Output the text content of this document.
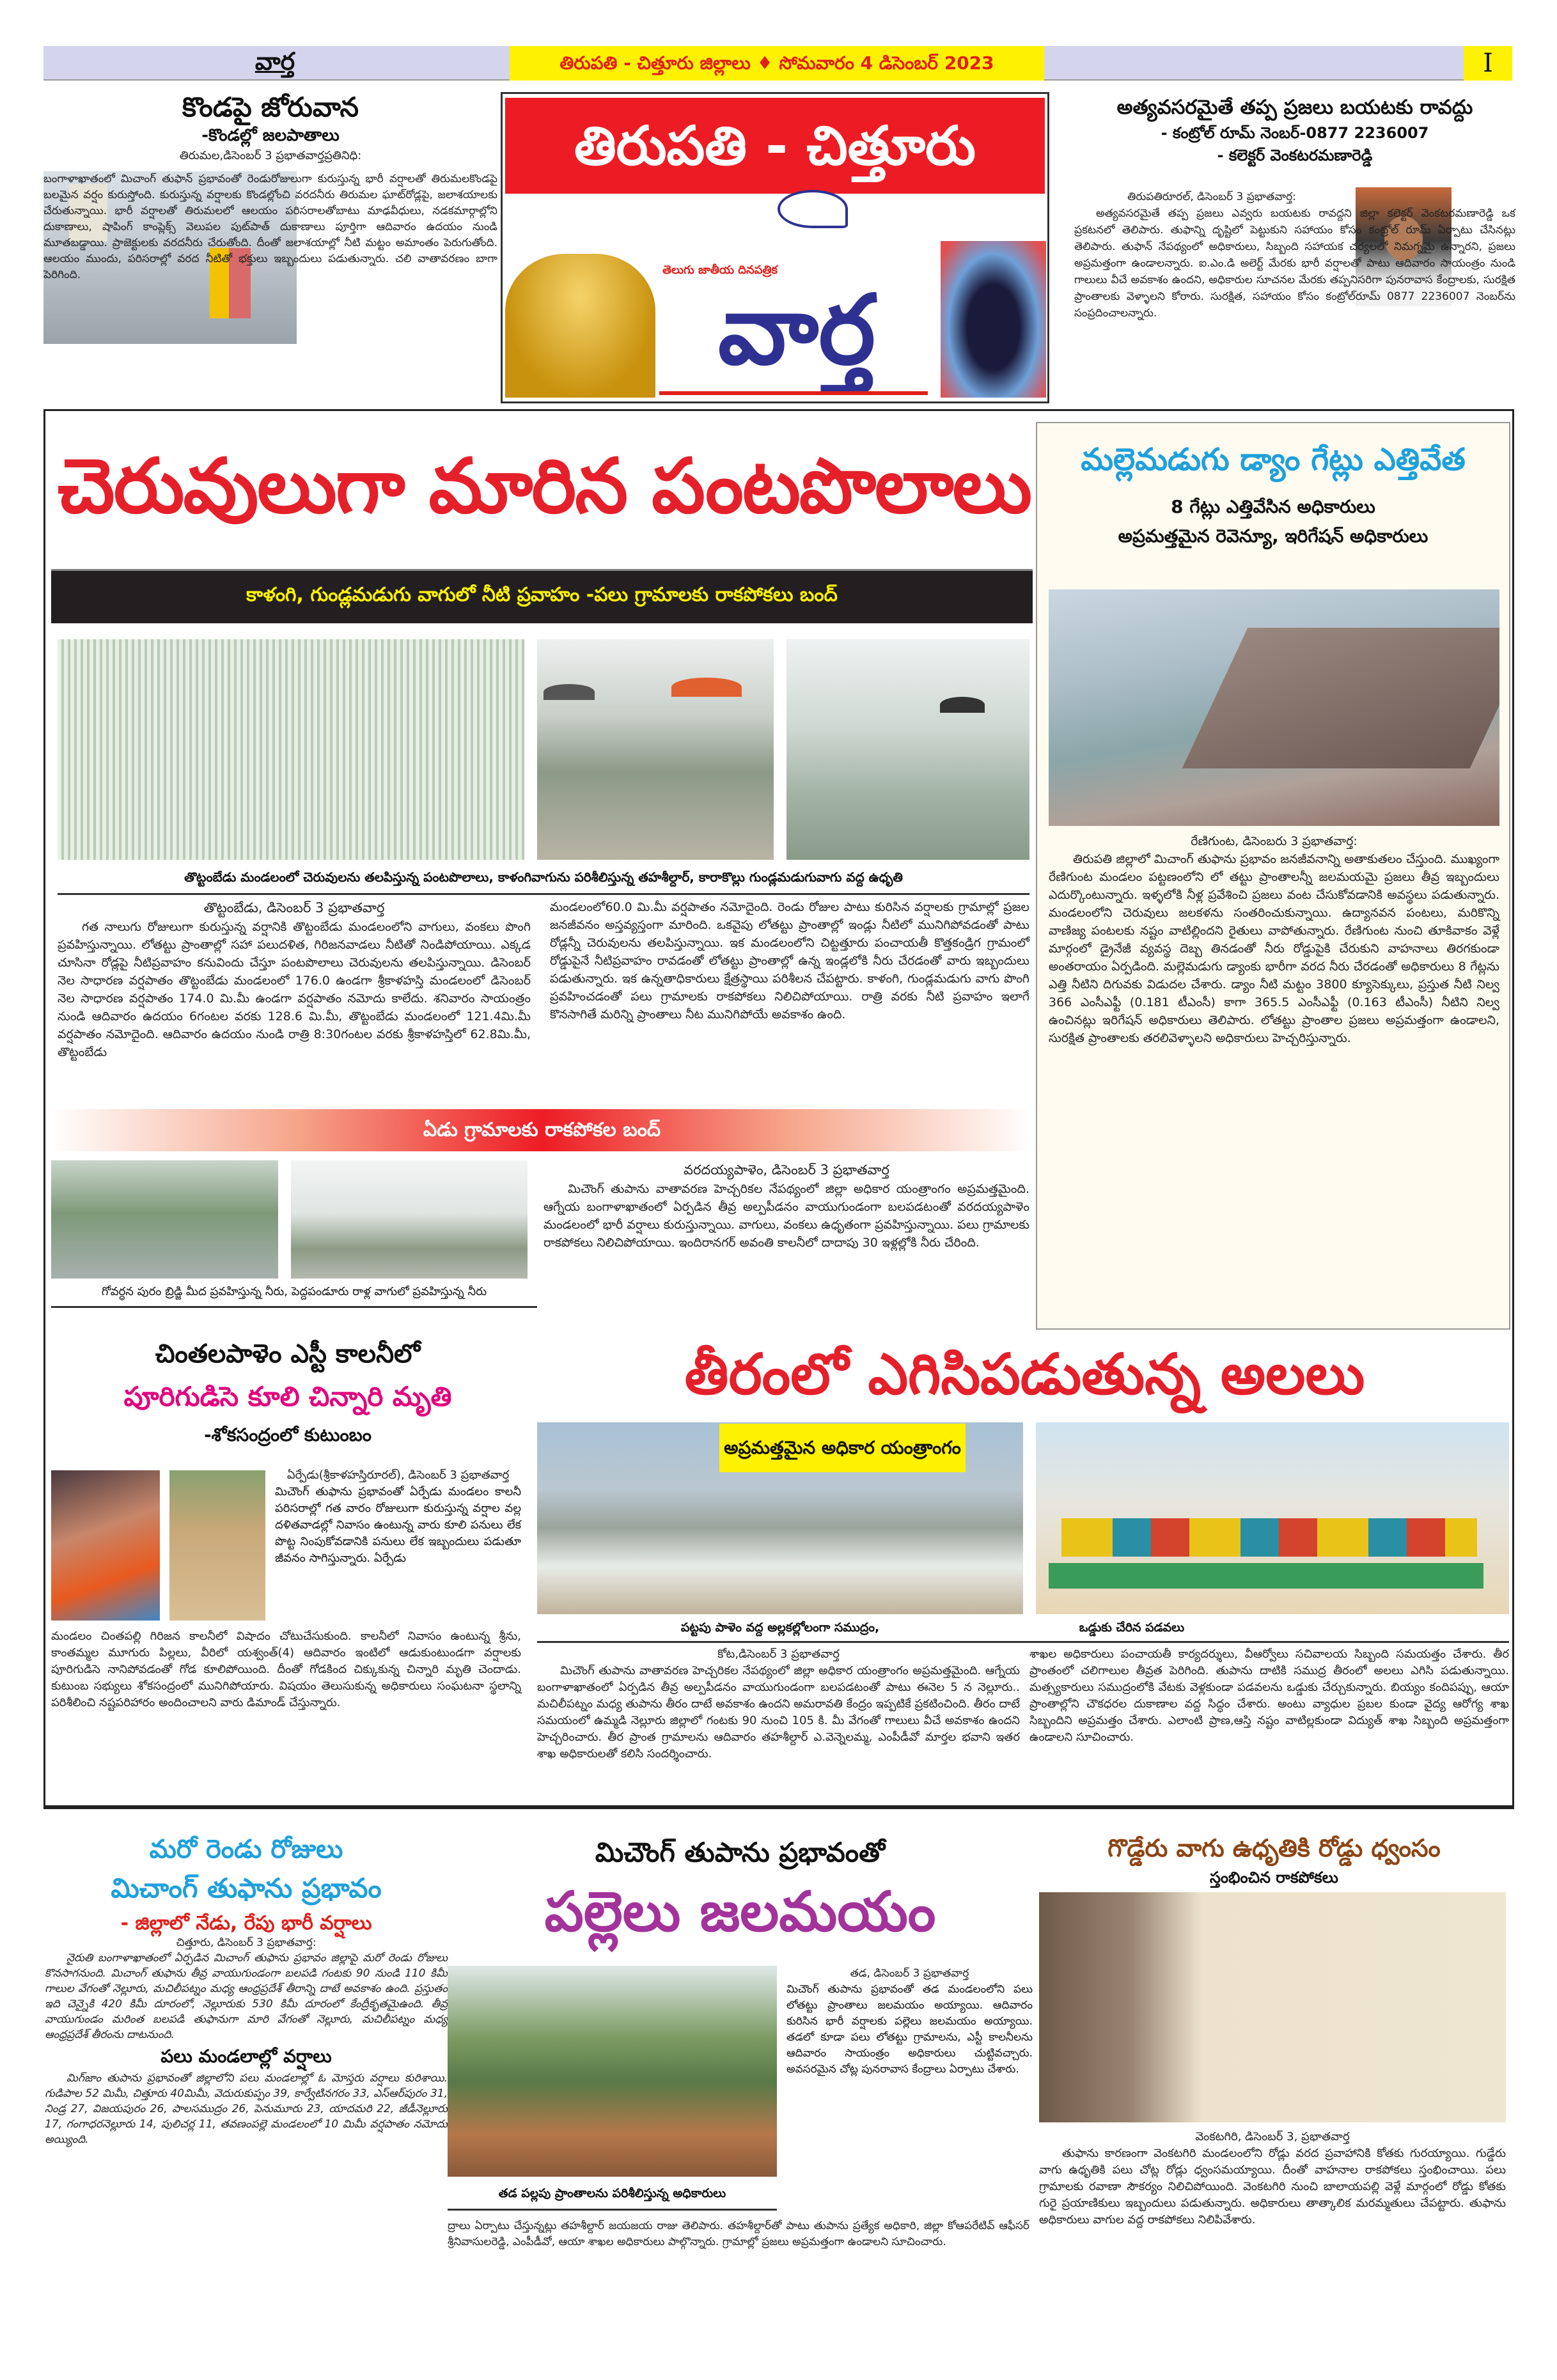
వార్త	తిరుపతి - చిత్తూరు జిల్లాలు ♦ సోమవారం 4 డిసెంబర్ 2023	I
కొండపై జోరువాన
-కొండల్లో జలపాతాలు
తిరుమల,డిసెంబర్ 3 ప్రభాతవార్తప్రతినిధి:

బంగాళాఖాతంలో మిచాంగ్ తుఫాన్ ప్రభావంతో రెండురోజులుగా కురుస్తున్న భారీ వర్షాలతో తిరుమలకొండపై బలమైన వర్షం కురుస్తోంది. కురుస్తున్న వర్షాలకు కొండల్లోంచి వరదనీరు తిరుమల ఘాట్‌రోడ్లపై, జలాశయాలకు చేరుతున్నాయి. భారీ వర్షాలతో తిరుమలలో ఆలయం పరిసరాలతోబాటు మాఢవీధులు, నడకమార్గాల్లోని దుకాణాలు, షాపింగ్ కాంప్లెక్స్ వెలుపల పుట్‌పాత్ దుకాణాలు పూర్తిగా ఆదివారం ఉదయం నుండి మూతబడ్డాయి. ప్రాజెక్టులకు వరదనీరు చేరుతోంది. దీంతో జలాశయాల్లో నీటి మట్టం అమాంతం పెరుగుతోంది. ఆలయం ముందు, పరిసరాల్లో వరద నీటితో భక్తులు ఇబ్బందులు పడుతున్నారు. చలి వాతావరణం బాగా పెరిగింది.

తిరుపతి - చిత్తూరు
తెలుగు జాతీయ దినపత్రిక
వార్త
అత్యవసరమైతే తప్ప ప్రజలు బయటకు రావద్దు
- కంట్రోల్ రూమ్ నెంబర్-0877 2236007
- కలెక్టర్ వెంకటరమణారెడ్డి
తిరుపతిరూరల్, డిసెంబర్ 3 ప్రభాతవార్త:

అత్యవసరమైతే తప్ప ప్రజలు ఎవ్వరు బయటకు రావద్దని జిల్లా కలెక్టర్ వెంకటరమణారెడ్డి ఒక ప్రకటనలో తెలిపారు. తుఫాన్ని దృష్టిలో పెట్టుకుని సహాయం కోసం కంట్రోల్ రూమ్ ఏర్పాటు చేసినట్లు తెలిపారు. తుఫాన్ నేపథ్యంలో అధికారులు, సిబ్బంది సహాయక చర్యలలో నిమగ్నమై ఉన్నారని, ప్రజలు అప్రమత్తంగా ఉండాలన్నారు. ఐ.ఎం.డి అలెర్ట్ మేరకు భారీ వర్షాలతో పాటు ఆదివారం సాయంత్రం నుండి గాలులు వీచే అవకాశం ఉందని, అధికారుల సూచనల మేరకు తప్పనిసరిగా పునరావాస కేంద్రాలకు, సురక్షిత ప్రాంతాలకు వెళ్ళాలని కోరారు. సురక్షిత, సహాయం కోసం కంట్రోల్‌రూమ్ 0877 2236007 నెంబర్‌ను సంప్రదించాలన్నారు.

చెరువులుగా మారిన పంటపొలాలు
కాళంగి, గుండ్లమడుగు వాగులో నీటి ప్రవాహం -పలు గ్రామాలకు రాకపోకలు బంద్
తొట్టంబేడు మండలంలో చెరువులను తలపిస్తున్న పంటపొలాలు, కాళంగివాగును పరిశీలిస్తున్న తహశీల్దార్, కారాకొల్లు గుండ్లమడుగువాగు వద్ద ఉధృతి
తొట్టంబేడు, డిసెంబర్ 3 ప్రభాతవార్త

గత నాలుగు రోజులుగా కురుస్తున్న వర్షానికి తొట్టంబేడు మండలంలోని వాగులు, వంకలు పొంగి ప్రవహిస్తున్నాయి. లోతట్టు ప్రాంతాల్లో సహా పలుదళిత, గిరిజనవాడలు నీటితో నిండిపోయాయి. ఎక్కడ చూసినా రోడ్లపై నీటిప్రవాహం కనువిందు చేస్తూ పంటపొలాలు చెరువులను తలపిస్తున్నాయి. డిసెంబర్ నెల సాధారణ వర్షపాతం తొట్టంబేడు మండలంలో 176.0 ఉండగా శ్రీకాళహస్తి మండలంలో డిసెంబర్ నెల సాధారణ వర్షపాతం 174.0 మి.మీ ఉండగా వర్షపాతం నమోదు కాలేదు. శనివారం సాయంత్రం నుండి ఆదివారం ఉదయం 6గంటల వరకు 128.6 మి.మీ, తొట్టంబేడు మండలంలో 121.4మి.మీ వర్షపాతం నమోదైంది. ఆదివారం ఉదయం నుండి రాత్రి 8:30గంటల వరకు శ్రీకాళహస్తిలో 62.8మి.మీ, తొట్టంబేడు

మండలంలో60.0 మి.మీ వర్షపాతం నమోదైంది. రెండు రోజుల పాటు కురిసిన వర్షాలకు గ్రామాల్లో ప్రజల జనజీవనం అస్తవ్యస్తంగా మారింది. ఒకవైపు లోతట్టు ప్రాంతాల్లో ఇండ్లు నీటిలో మునిగిపోవడంతో పాటు రోడ్లన్నీ చెరువులను తలపిస్తున్నాయి. ఇక మండలంలోని చిట్టత్తూరు పంచాయతీ కొత్తకండ్రిగ గ్రామంలో రోడ్డుపైనే నీటిప్రవాహం రావడంతో లోతట్టు ప్రాంతాల్లో ఉన్న ఇండ్లలోకి నీరు చేరడంతో వారు ఇబ్బందులు పడుతున్నారు. ఇక ఉన్నతాధికారులు క్షేత్రస్థాయి పరిశీలన చేపట్టారు. కాళంగి, గుండ్లమడుగు వాగు పొంగి ప్రవహించడంతో పలు గ్రామాలకు రాకపోకలు నిలిచిపోయాయి. రాత్రి వరకు నీటి ప్రవాహం ఇలాగే కొనసాగితే మరిన్ని ప్రాంతాలు నీట మునిగిపోయే అవకాశం ఉంది.

ఏడు గ్రామాలకు రాకపోకల బంద్
గోవర్ధన పురం బ్రిడ్జి మీద ప్రవహిస్తున్న నీరు, పెద్దపండూరు రాళ్ల వాగులో ప్రవహిస్తున్న నీరు
వరదయ్యపాళెం, డిసెంబర్ 3 ప్రభాతవార్త

మిచౌంగ్ తుపాను వాతావరణ హెచ్చరికల నేపథ్యంలో జిల్లా అధికార యంత్రాంగం అప్రమత్తమైంది. ఆగ్నేయ బంగాళాఖాతంలో ఏర్పడిన తీవ్ర అల్పపీడనం వాయుగుండంగా బలపడటంతో వరదయ్యపాళెం మండలంలో భారీ వర్షాలు కురుస్తున్నాయి. వాగులు, వంకలు ఉధృతంగా ప్రవహిస్తున్నాయి. పలు గ్రామాలకు రాకపోకలు నిలిచిపోయాయి. ఇందిరానగర్ అవంతి కాలనీలో దాదాపు 30 ఇళ్లల్లోకి నీరు చేరింది.

మల్లెమడుగు డ్యాం గేట్లు ఎత్తివేత
8 గేట్లు ఎత్తివేసిన అధికారులు
అప్రమత్తమైన రెవెన్యూ, ఇరిగేషన్ అధికారులు
రేణిగుంట, డిసెంబరు 3 ప్రభాతవార్త:

తిరుపతి జిల్లాలో మిచాంగ్ తుఫాను ప్రభావం జనజీవనాన్ని అతాకుతలం చేస్తుంది. ముఖ్యంగా రేణిగుంట మండలం పట్టణంలోని లో తట్టు ప్రాంతాలన్నీ జలమయమై ప్రజలు తీవ్ర ఇబ్బందులు ఎదుర్కొంటున్నారు. ఇళ్ళలోకి నీళ్ల ప్రవేశించి ప్రజలు వంట చేసుకోవడానికి అవస్థలు పడుతున్నారు. మండలంలోని చెరువులు జలకళను సంతరించుకున్నాయి. ఉద్యానవన పంటలు, మరికొన్ని వాణిజ్య పంటలకు నష్టం వాటిల్లిందని రైతులు వాపోతున్నారు. రేణిగుంట నుంచి తూకివాకం వెళ్లే మార్గంలో డ్రైనేజీ వ్యవస్థ దెబ్బ తినడంతో నీరు రోడ్డుపైకి చేరుకుని వాహనాలు తిరగకుండా అంతరాయం ఏర్పడింది. మల్లెమడుగు డ్యాంకు భారీగా వరద నీరు చేరడంతో అధికారులు 8 గేట్లను ఎత్తి నీటిని దిగువకు విడుదల చేశారు. డ్యాం నీటి మట్టం 3800 క్యూసెక్కులు, ప్రస్తుత నీటి నిల్వ 366 ఎంసీఎఫ్టీ (0.181 టీఎంసీ) కాగా 365.5 ఎంసీఎఫ్టీ (0.163 టీఎంసీ) నీటిని నిల్వ ఉంచినట్లు ఇరిగేషన్ అధికారులు తెలిపారు. లోతట్టు ప్రాంతాల ప్రజలు అప్రమత్తంగా ఉండాలని, సురక్షిత ప్రాంతాలకు తరలివెళ్ళాలని అధికారులు హెచ్చరిస్తున్నారు.

చింతలపాళెం ఎస్టీ కాలనీలో
పూరిగుడిసె కూలి చిన్నారి మృతి
-శోకసంద్రంలో కుటుంబం
ఏర్పేడు(శ్రీకాళహస్తిరూరల్), డిసెంబర్ 3 ప్రభాతవార్త

మిచౌంగ్ తుఫాను ప్రభావంతో ఏర్పేడు మండలం కాలనీ పరిసరాల్లో గత వారం రోజులుగా కురుస్తున్న వర్షాల వల్ల దళితవాడల్లో నివాసం ఉంటున్న వారు కూలి పనులు లేక పొట్ట నింపుకోవడానికి పనులు లేక ఇబ్బందులు పడుతూ జీవనం సాగిస్తున్నారు. ఏర్పేడు

మండలం చింతపల్లి గిరిజన కాలనీలో విషాదం చోటుచేసుకుంది. కాలనీలో నివాసం ఉంటున్న శ్రీను, కాంతమ్మల మూగురు పిల్లలు, వీరిలో యశ్వంత్(4) ఆదివారం ఇంటిలో ఆడుకుంటుండగా వర్షాలకు పూరిగుడిసె నానిపోవడంతో గోడ కూలిపోయింది. దీంతో గోడకింద చిక్కుకున్న చిన్నారి మృతి చెందాడు. కుటుంబ సభ్యులు శోకసంద్రంలో మునిగిపోయారు. విషయం తెలుసుకున్న అధికారులు సంఘటనా స్థలాన్ని పరిశీలించి నష్టపరిహారం అందించాలని వారు డిమాండ్ చేస్తున్నారు.

తీరంలో ఎగిసిపడుతున్న అలలు
అప్రమత్తమైన అధికార యంత్రాంగం
పట్టపు పాళెం వద్ద అల్లకల్లోలంగా సముద్రం,	ఒడ్డుకు చేరిన పడవలు
కోట,డిసెంబర్ 3 ప్రభాతవార్త

మిచౌంగ్ తుపాను వాతావరణ హెచ్చరికల నేపథ్యంలో జిల్లా అధికార యంత్రాంగం అప్రమత్తమైంది. ఆగ్నేయ బంగాళాఖాతంలో ఏర్పడిన తీవ్ర అల్పపీడనం వాయుగుండంగా బలపడటంతో పాటు ఈనెల 5 న నెల్లూరు.. మచిలీపట్నం మధ్య తుపాను తీరం దాటే అవకాశం ఉందని అమరావతి కేంద్రం ఇప్పటికే ప్రకటించింది. తీరం దాటే సమయంలో ఉమ్మడి నెల్లూరు జిల్లాలో గంటకు 90 నుంచి 105 కి. మీ వేగంతో గాలులు వీచే అవకాశం ఉందని హెచ్చరించారు. తీర ప్రాంత గ్రామాలను ఆదివారం తహశీల్దార్ ఎ.వెన్నెలమ్మ, ఎంపీడీవో మార్తల భవాని ఇతర శాఖ అధికారులతో కలిసి సందర్శించారు.

శాఖల అధికారులు పంచాయతీ కార్యదర్శులు, వీఆర్వోలు సచివాలయ సిబ్బంది సమయత్తం చేశారు. తీర ప్రాంతంలో చలిగాలుల తీవ్రత పెరిగింది. తుపాను దాటికి సముద్ర తీరంలో అలలు ఎగిసి పడుతున్నాయి. మత్స్యకారులు సముద్రంలోకి వేటకు వెళ్లకుండా పడవలను ఒడ్డుకు చేర్చుకున్నారు. బియ్యం కందిపప్పు, ఆయా ప్రాంతాల్లోని చౌకధరల దుకాణాల వద్ద సిద్ధం చేశారు. అంటు వ్యాధుల ప్రబల కుండా వైద్య ఆరోగ్య శాఖ సిబ్బందిని అప్రమత్తం చేశారు. ఎలాంటి ప్రాణ,ఆస్తి నష్టం వాటిల్లకుండా విద్యుత్ శాఖ సిబ్బంది అప్రమత్తంగా ఉండాలని సూచించారు.

మరో రెండు రోజులు
మిచాంగ్ తుఫాను ప్రభావం
- జిల్లాలో నేడు, రేపు భారీ వర్షాలు
చిత్తూరు, డిసెంబర్ 3 ప్రభాతవార్త:

నైరుతి బంగాళాఖాతంలో ఏర్పడిన మిచాంగ్ తుఫాను ప్రభావం జిల్లాపై మరో రెండు రోజులు కొనసాగనుంది. మిచాంగ్ తుఫాను తీవ్ర వాయుగుండంగా బలపడి గంటకు 90 నుండి 110 కిమీ గాలుల వేగంతో నెల్లూరు, మచిలీపట్నం మధ్య ఆంధ్రప్రదేశ్ తీరాన్ని దాటే అవకాశం ఉంది. ప్రస్తుతం ఇది చెన్నైకి 420 కిమీ దూరంలో, నెల్లూరుకు 530 కిమీ దూరంలో కేంద్రీకృతమైఉంది. తీవ్ర వాయుగుండం మరింత బలపడి తుఫానుగా మారి వేగంతో నెల్లూరు, మచిలీపట్నం మధ్య ఆంధ్రప్రదేశ్ తీరంను దాటనుంది.

పలు మండలాల్లో వర్షాలు

మిగ్‌జాం తుపాను ప్రభావంతో జిల్లాలోని పలు మండలాల్లో ఓ మోస్తరు వర్షాలు కురిశాయి. గుడిపాల 52 మిమీ, చిత్తూరు 40మిమీ, వెదురుకుప్పం 39, కార్వేటినగరం 33, ఎస్‌ఆర్‌పురం 31, నిండ్ర 27, విజయపురం 26, పాలసముద్రం 26, పెనుమూరు 23, యాదమరి 22, జీడీనెల్లూరు 17, గంగాధరనెల్లూరు 14, పులిచర్ల 11, తవణంపల్లె మండలంలో 10 మిమీ వర్షపాతం నమోదు అయ్యింది.

మిచౌంగ్ తుపాను ప్రభావంతో
పల్లెలు జలమయం
తడ పల్లపు ప్రాంతాలను పరిశీలిస్తున్న అధికారులు
తడ, డిసెంబర్ 3 ప్రభాతవార్త

మిచౌంగ్ తుపాను ప్రభావంతో తడ మండలంలోని పలు లోతట్టు ప్రాంతాలు జలమయం అయ్యాయి. ఆదివారం కురిసిన భారీ వర్షాలకు పల్లెలు జలమయం అయ్యాయి. తడలో కూడా పలు లోతట్టు గ్రామాలను, ఎస్టీ కాలనీలను ఆదివారం సాయంత్రం అధికారులు చుట్టివచ్చారు. అవసరమైన చోట్ల పునరావాస కేంద్రాలు ఏర్పాటు చేశారు.

ద్రాలు ఏర్పాటు చేస్తున్నట్లు తహశీల్దార్ జయజయ రాజు తెలిపారు. తహశీల్దార్‌తో పాటు తుపాను ప్రత్యేక అధికారి, జిల్లా కోఆపరేటివ్ ఆఫీసర్ శ్రీనివాసులరెడ్డి, ఎంపీడీవో, ఆయా శాఖల అధికారులు పాల్గొన్నారు. గ్రామాల్లో ప్రజలు అప్రమత్తంగా ఉండాలని సూచించారు.

గొడ్డేరు వాగు ఉధృతికి రోడ్డు ధ్వంసం
స్తంభించిన రాకపోకలు
వెంకటగిరి, డిసెంబర్ 3, ప్రభాతవార్త

తుఫాను కారణంగా వెంకటగిరి మండలంలోని రోడ్లు వరద ప్రవాహానికి కోతకు గురయ్యాయి. గుడ్డేరు వాగు ఉధృతికి పలు చోట్ల రోడ్లు ధ్వంసమయ్యాయి. దీంతో వాహనాల రాకపోకలు స్తంభించాయి. పలు గ్రామాలకు రవాణా సౌకర్యం నిలిచిపోయింది. వెంకటగిరి నుంచి బాలాయపల్లి వెళ్లే మార్గంలో రోడ్డు కోతకు గురై ప్రయాణికులు ఇబ్బందులు పడుతున్నారు. అధికారులు తాత్కాలిక మరమ్మతులు చేపట్టారు. తుఫాను అధికారులు వాగుల వద్ద రాకపోకలు నిలిపివేశారు.
